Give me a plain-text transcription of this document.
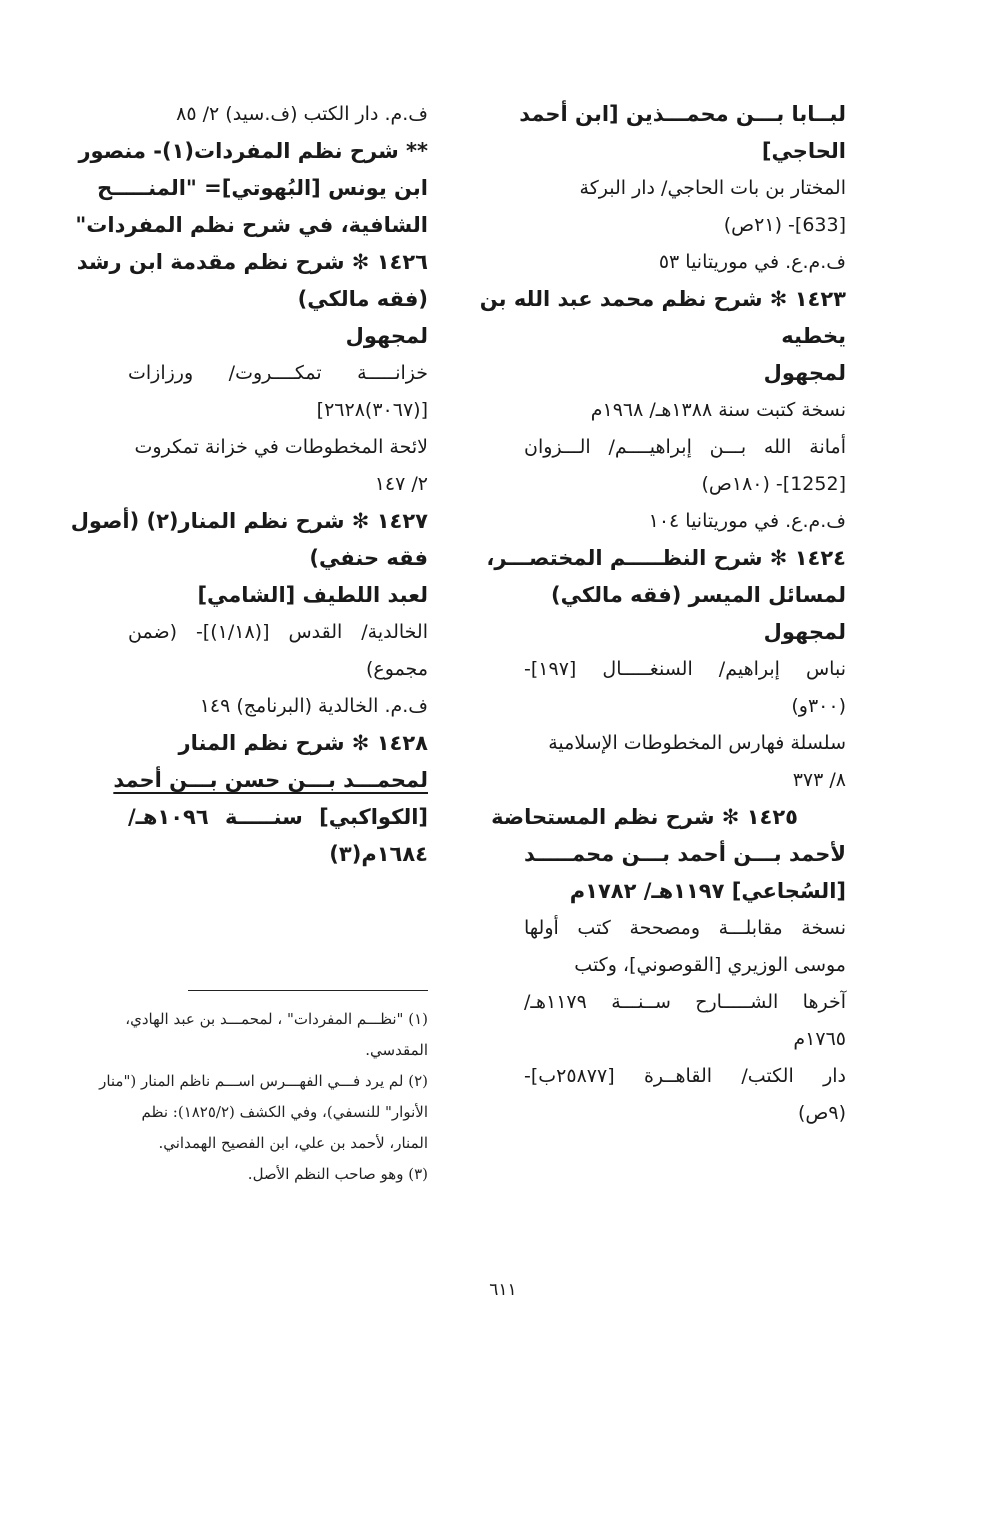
لبــابا بـــن محمـــذين [ابن أحمد
الحاجي]
المختار بن بات الحاجي/ دار البركة
[633]- (٢١ص)
ف.م.ع. في موريتانيا ٥٣
١٤٢٣ ✻ شرح نظم محمد عبد الله بن
يخطيه
لمجهول
نسخة كتبت سنة ١٣٨٨هـ/ ١٩٦٨م
أمانة الله بـــن إبراهيــــم/ الـــزوان
[1252]- (١٨٠ص)
ف.م.ع. في موريتانيا ١٠٤
١٤٢٤ ✻ شرح النظـــــم المختصـــر،
لمسائل الميسر (فقه مالكي)
لمجهول
نباس إبراهيم/ السنغـــــال [١٩٧]-
(٣٠٠و)
سلسلة فهارس المخطوطات الإسلامية
٨/ ٣٧٣
١٤٢٥ ✻ شرح نظم المستحاضة
لأحمد بـــن أحمد بـــن محمـــــد
[السُجاعي] ١١٩٧هـ/ ١٧٨٢م
نسخة مقابلـــة ومصححة كتب أولها
موسى الوزيري [القوصوني]، وكتب
آخرها الشـــــارح ســنـــة ١١٧٩هـ/
١٧٦٥م
دار الكتب/ القاهــرة [٢٥٨٧٧ب]-
(٩ص)
ف.م. دار الكتب (ف.سيد) ٢/ ٨٥
** شرح نظم المفردات(١)- منصور
ابن يونس [البُهوتي]= "المنـــــح
الشافية، في شرح نظم المفردات"
١٤٢٦ ✻ شرح نظم مقدمة ابن رشد
(فقه مالكي)
لمجهول
خزانـــــة تمكــــروت/ ورزازات
[(٣٠٦٧)٢٦٢٨]
لائحة المخطوطات في خزانة تمكروت
٢/ ١٤٧
١٤٢٧ ✻ شرح نظم المنار(٢) (أصول
فقه حنفي)
لعبد اللطيف [الشامي]
الخالدية/ القدس [(١/١٨)]- (ضمن
مجموع)
ف.م. الخالدية (البرنامج) ١٤٩
١٤٢٨ ✻ شرح نظم المنار
لمحمـــد بـــن حسن بـــن أحمد
[الكواكبي] سنـــــة ١٠٩٦هـ/
١٦٨٤م(٣)
(١) "نظـــم المفردات" ، لمحمـــد بن عبد الهادي،
المقدسي.
(٢) لم يرد فـــي الفهـــرس اســـم ناظم المنار ("منار
الأنوار" للنسفي)، وفي الكشف (١٨٢٥/٢): نظم
المنار، لأحمد بن علي، ابن الفصيح الهمداني.
(٣) وهو صاحب النظم الأصل.
٦١١
